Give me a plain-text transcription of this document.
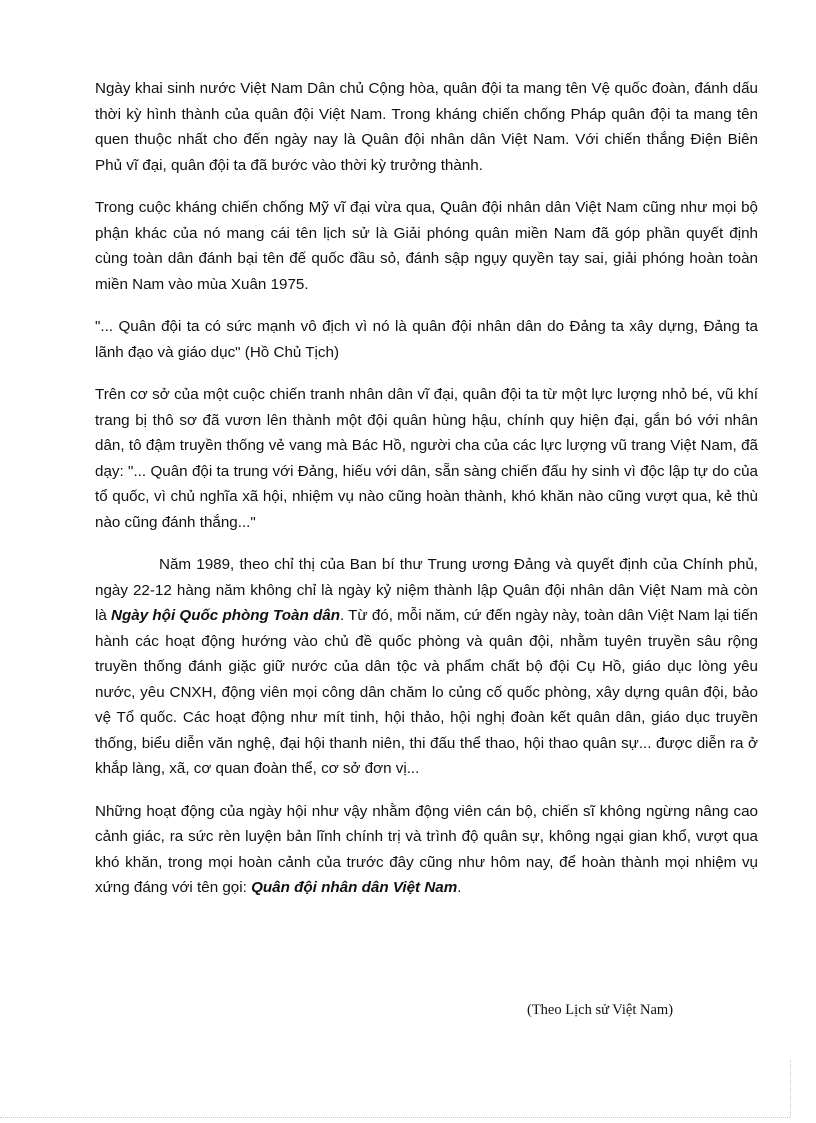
Ngày khai sinh nước Việt Nam Dân chủ Cộng hòa, quân đội ta mang tên Vệ quốc đoàn, đánh dấu thời kỳ hình thành của quân đội Việt Nam. Trong kháng chiến chống Pháp quân đội ta mang tên quen thuộc nhất cho đến ngày nay là Quân đội nhân dân Việt Nam. Với chiến thắng Điện Biên Phủ vĩ đại, quân đội ta đã bước vào thời kỳ trưởng thành.

Trong cuộc kháng chiến chống Mỹ vĩ đại vừa qua, Quân đội nhân dân Việt Nam cũng như mọi bộ phận khác của nó mang cái tên lịch sử là Giải phóng quân miền Nam đã góp phần quyết định cùng toàn dân đánh bại tên đế quốc đầu sỏ, đánh sập ngụy quyền tay sai, giải phóng hoàn toàn miền Nam vào mùa Xuân 1975.

"... Quân đội ta có sức mạnh vô địch vì nó là quân đội nhân dân do Đảng ta xây dựng, Đảng ta lãnh đạo và giáo dục" (Hồ Chủ Tịch)

Trên cơ sở của một cuộc chiến tranh nhân dân vĩ đại, quân đội ta từ một lực lượng nhỏ bé, vũ khí trang bị thô sơ đã vươn lên thành một đội quân hùng hậu, chính quy hiện đại, gắn bó với nhân dân, tô đậm truyền thống vẻ vang mà Bác Hồ, người cha của các lực lượng vũ trang Việt Nam, đã dạy: "... Quân đội ta trung với Đảng, hiếu với dân, sẵn sàng chiến đấu hy sinh vì độc lập tự do của tổ quốc, vì chủ nghĩa xã hội, nhiệm vụ nào cũng hoàn thành, khó khăn nào cũng vượt qua, kẻ thù nào cũng đánh thắng..."

Năm 1989, theo chỉ thị của Ban bí thư Trung ương Đảng và quyết định của Chính phủ, ngày 22-12 hàng năm không chỉ là ngày kỷ niệm thành lập Quân đội nhân dân Việt Nam mà còn là Ngày hội Quốc phòng Toàn dân. Từ đó, mỗi năm, cứ đến ngày này, toàn dân Việt Nam lại tiến hành các hoạt động hướng vào chủ đề quốc phòng và quân đội, nhằm tuyên truyền sâu rộng truyền thống đánh giặc giữ nước của dân tộc và phẩm chất bộ đội Cụ Hồ, giáo dục lòng yêu nước, yêu CNXH, động viên mọi công dân chăm lo củng cố quốc phòng, xây dựng quân đội, bảo vệ Tổ quốc. Các hoạt động như mít tinh, hội thảo, hội nghị đoàn kết quân dân, giáo dục truyền thống, biểu diễn văn nghệ, đại hội thanh niên, thi đấu thể thao, hội thao quân sự... được diễn ra ở khắp làng, xã, cơ quan đoàn thể, cơ sở đơn vị...

Những hoạt động của ngày hội như vậy nhằm động viên cán bộ, chiến sĩ không ngừng nâng cao cảnh giác, ra sức rèn luyện bản lĩnh chính trị và trình độ quân sự, không ngại gian khổ, vượt qua khó khăn, trong mọi hoàn cảnh của trước đây cũng như hôm nay, để hoàn thành mọi nhiệm vụ xứng đáng với tên gọi: Quân đội nhân dân Việt Nam.

(Theo Lịch sử Việt Nam)
